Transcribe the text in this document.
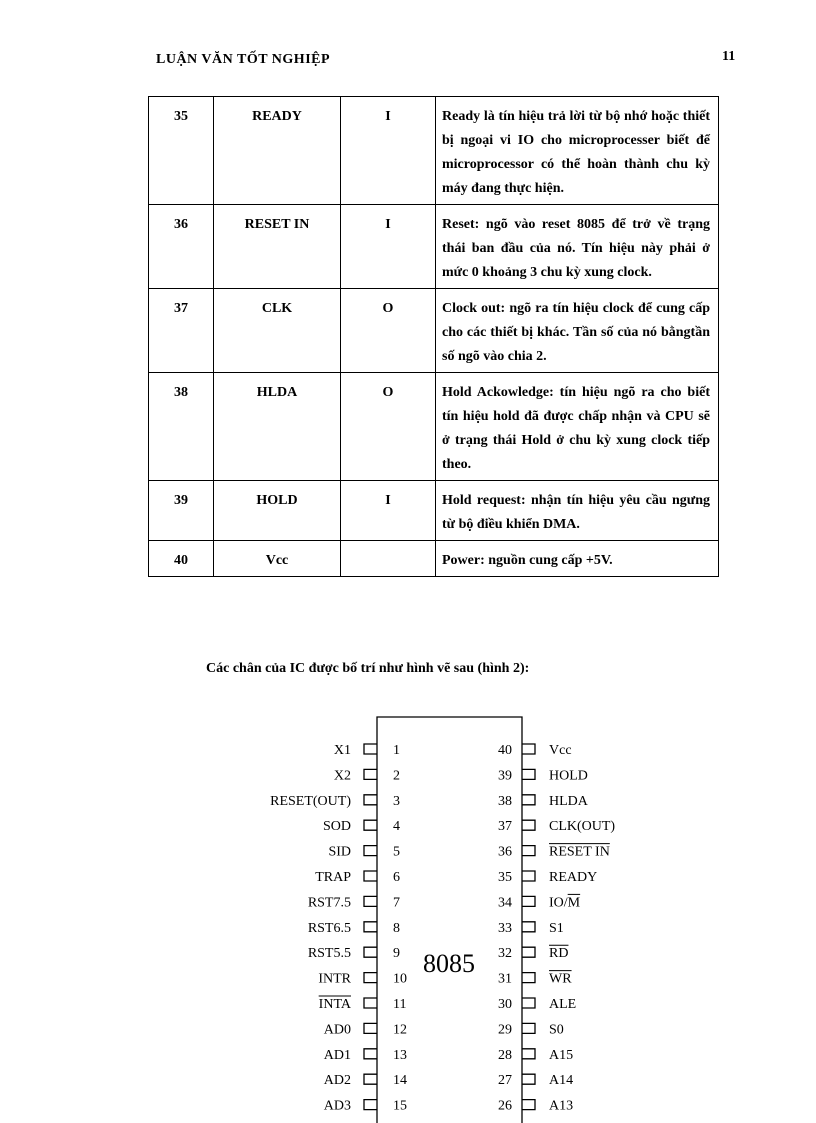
LUẬN VĂN TỐT NGHIỆP	11
35	READY	I	Ready là tín hiệu trả lời từ bộ nhớ hoặc thiết bị ngoại vi IO cho microprocesser biết để microprocessor có thể hoàn thành chu kỳ máy đang thực hiện.
36	RESET IN	I	Reset: ngõ vào reset 8085 để trở về trạng thái ban đầu của nó. Tín hiệu này phải ở mức 0 khoảng 3 chu kỳ xung clock.
37	CLK	O	Clock out: ngõ ra tín hiệu clock để cung cấp cho các thiết bị khác. Tần số của nó bằngtần số ngõ vào chia 2.
38	HLDA	O	Hold Ackowledge: tín hiệu ngõ ra cho biết tín hiệu hold đã được chấp nhận và CPU sẽ ở trạng thái Hold ở chu kỳ xung clock tiếp theo.
39	HOLD	I	Hold request: nhận tín hiệu yêu cầu ngưng từ bộ điều khiển DMA.
40	Vcc		Power: nguồn cung cấp +5V.
Các chân của IC được bố trí như hình vẽ sau (hình 2):
8085
X1	1
X2	2
RESET(OUT)	3
SOD	4
SID	5
TRAP	6
RST7.5	7
RST6.5	8
RST5.5	9
INTR	10
INTA	11
AD0	12
AD1	13
AD2	14
AD3	15
40	Vcc
39	HOLD
38	HLDA
37	CLK(OUT)
36	RESET IN
35	READY
34	IO/M
33	S1
32	RD
31	WR
30	ALE
29	S0
28	A15
27	A14
26	A13
